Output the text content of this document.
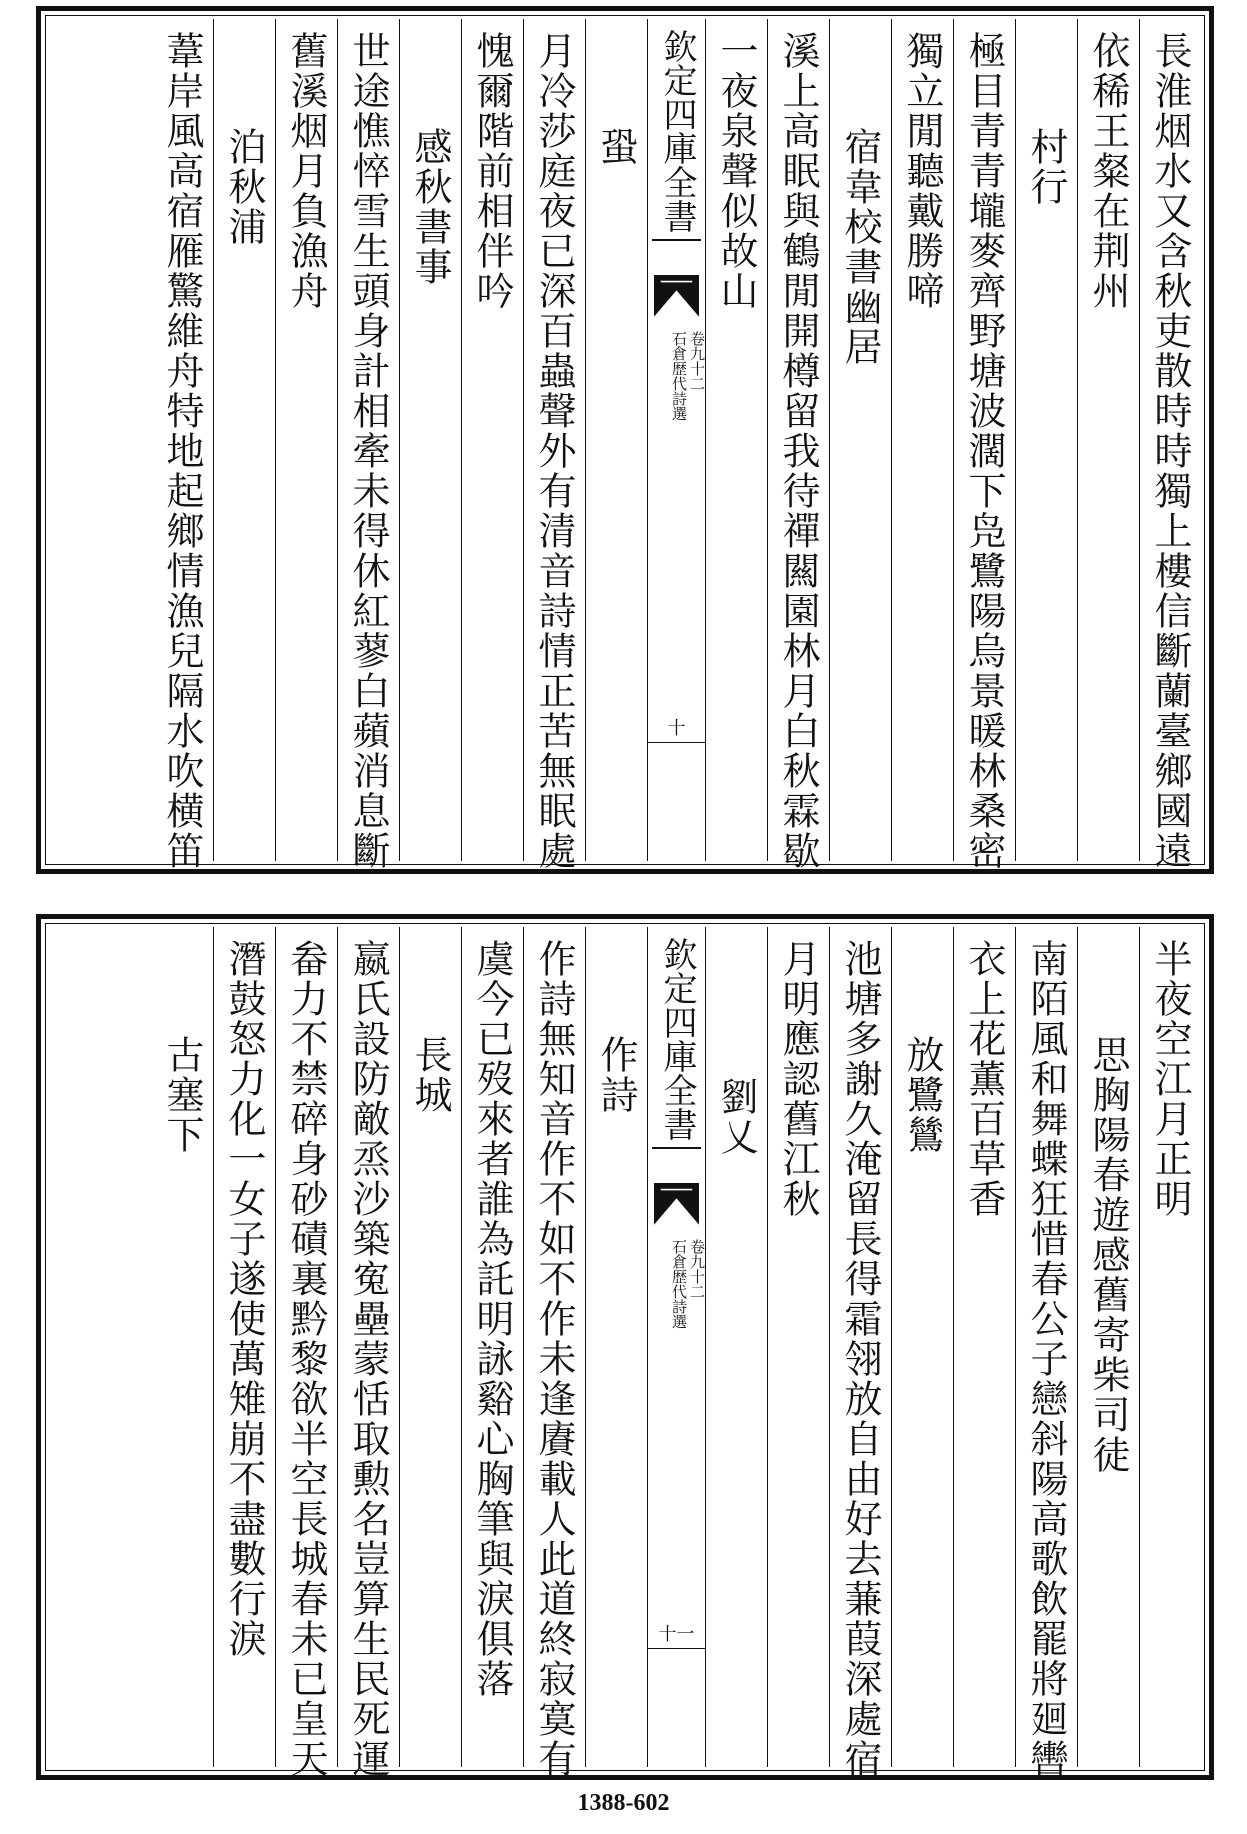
長淮烟水又含秋吏散時時獨上樓信斷蘭臺鄉國遠
依稀王粲在荆州
村行
極目青青壠麥齊野塘波濶下凫鷺陽烏景暖林桑密
獨立閒聽戴勝啼
宿韋校書幽居
溪上高眠與鶴閒開樽留我待禪闗園林月白秋霖歇
一夜泉聲似故山
欽定四庫全書
石倉歴代詩選 卷九十二
十
蛩
月冷莎庭夜已深百蟲聲外有清音詩情正苦無眠處
愧爾階前相伴吟
感秋書事
世途憔悴雪生頭身計相牽未得休紅蓼白蘋消息斷
舊溪烟月負漁舟
泊秋浦
葦岸風高宿雁驚維舟特地起鄉情漁兒隔水吹横笛
半夜空江月正明
思胸陽春遊感舊寄柴司徒
南陌風和舞蝶狂惜春公子戀斜陽高歌飲罷將廻轡
衣上花薫百草香
放鷺鷥
池塘多謝久淹留長得霜翎放自由好去蒹葭深處宿
月明應認舊江秋
劉乂
欽定四庫全書
石倉歴代詩選 卷九十二
十一
作詩
作詩無知音作不如不作未逢賡載人此道終寂寞有
虞今已歿來者誰為託明詠谿心胸筆與淚俱落
長城
嬴氏設防敵烝沙築寃壘蒙恬取勲名豈算生民死運
畚力不禁碎身砂磧裏黔黎欲半空長城春未已皇天
潛鼓怒力化一女子遂使萬雉崩不盡數行淚
古塞下
1388-602
